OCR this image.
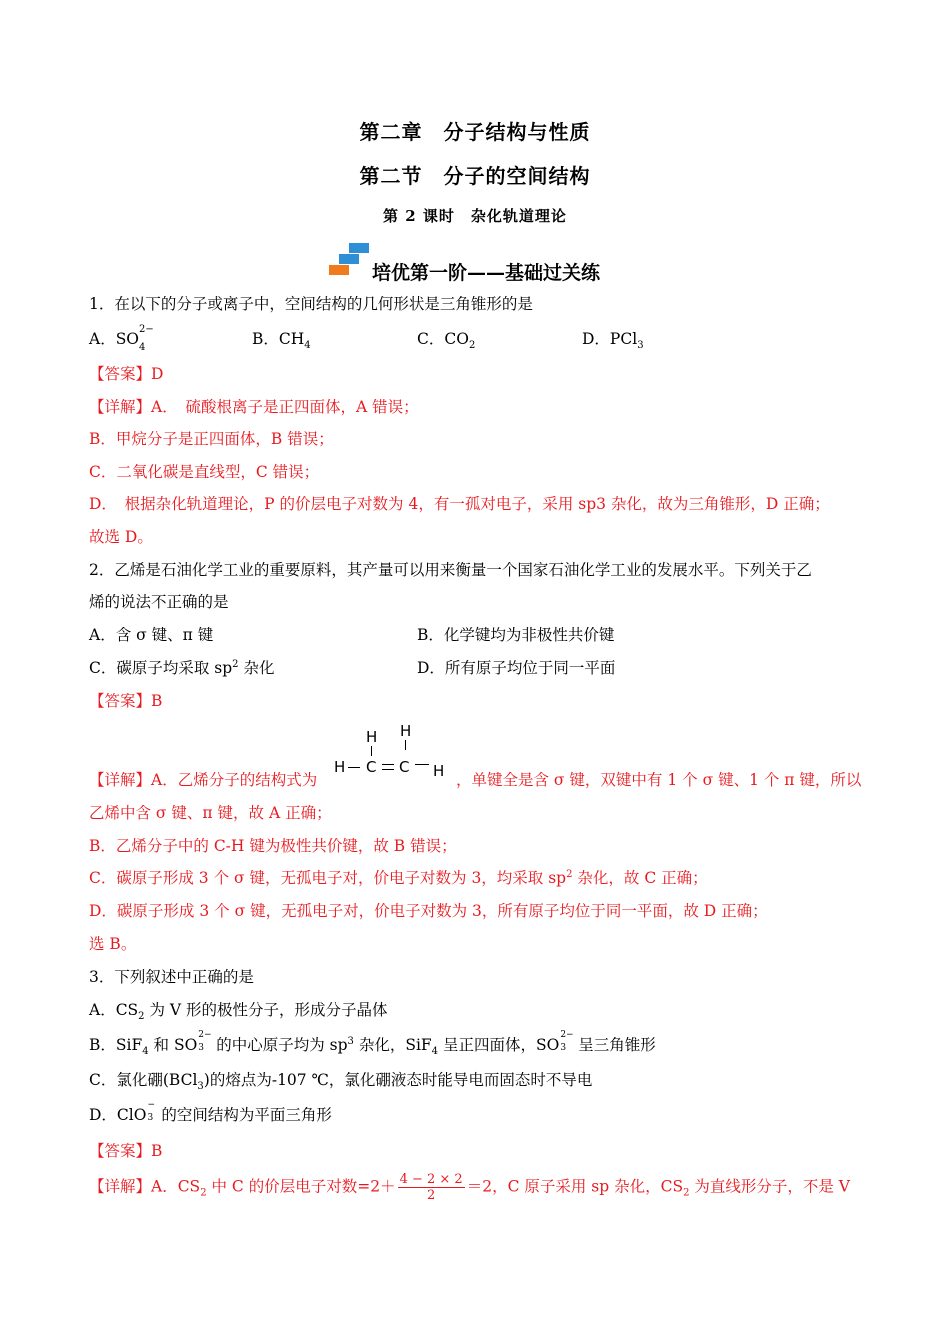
第二章　分子结构与性质
第二节　分子的空间结构
第 2 课时　杂化轨道理论
培优第一阶——基础过关练
1．在以下的分子或离子中，空间结构的几何形状是三角锥形的是
A．$SO^{2-}$
4	B．$CH_4$	C．$CO_2$	D．PCl$_3$
【答案】D
【详解】A．　硫酸根离子是正四面体，A 错误；
B．甲烷分子是正四面体，B 错误；
C．二氧化碳是直线型，C 错误；
D．　根据杂化轨道理论，P 的价层电子对数为 4，有一孤对电子，采用 sp3 杂化，故为三角锥形，D 正确；
故选 D。
2．乙烯是石油化学工业的重要原料，其产量可以用来衡量一个国家石油化学工业的发展水平。下列关于乙
烯的说法不正确的是
A．含 σ 键、π 键	B．化学键均为非极性共价键
C．碳原子均采取 $sp^2$ 杂化	D．所有原子均位于同一平面
【答案】B
【详解】A．乙烯分子的结构式为
H H
H C C H ，单键全是含 σ 键，双键中有 1 个 σ 键、1 个 π 键，所以
乙烯中含 σ 键、π 键，故 A 正确；
B．乙烯分子中的 C-H 键为极性共价键，故 B 错误；
C．碳原子形成 3 个 σ 键，无孤电子对，价电子对数为 3，均采取 $sp^2$ 杂化，故 C 正确；
D．碳原子形成 3 个 σ 键，无孤电子对，价电子对数为 3，所有原子均位于同一平面，故 D 正确；
选 B。
3．下列叙述中正确的是
A．$CS_2$ 为 V 形的极性分子，形成分子晶体
B．SiF$_4$ 和 SO
2−
3 的中心原子均为 $sp^3$ 杂化，SiF$_4$ 呈正四面体，SO
2−
3 呈三角锥形
C．氯化硼(BCl$_3$)的熔点为-107 ℃，氯化硼液态时能导电而固态时不导电
D．ClO
−
3 的空间结构为平面三角形
【答案】B
【详解】A．$CS_2$ 中 C 的价层电子对数$=2+ \frac{4 - 2 \times 2}{2} =2$，C 原子采用 sp 杂化，$CS_2$ 为直线形分子，不是 V
